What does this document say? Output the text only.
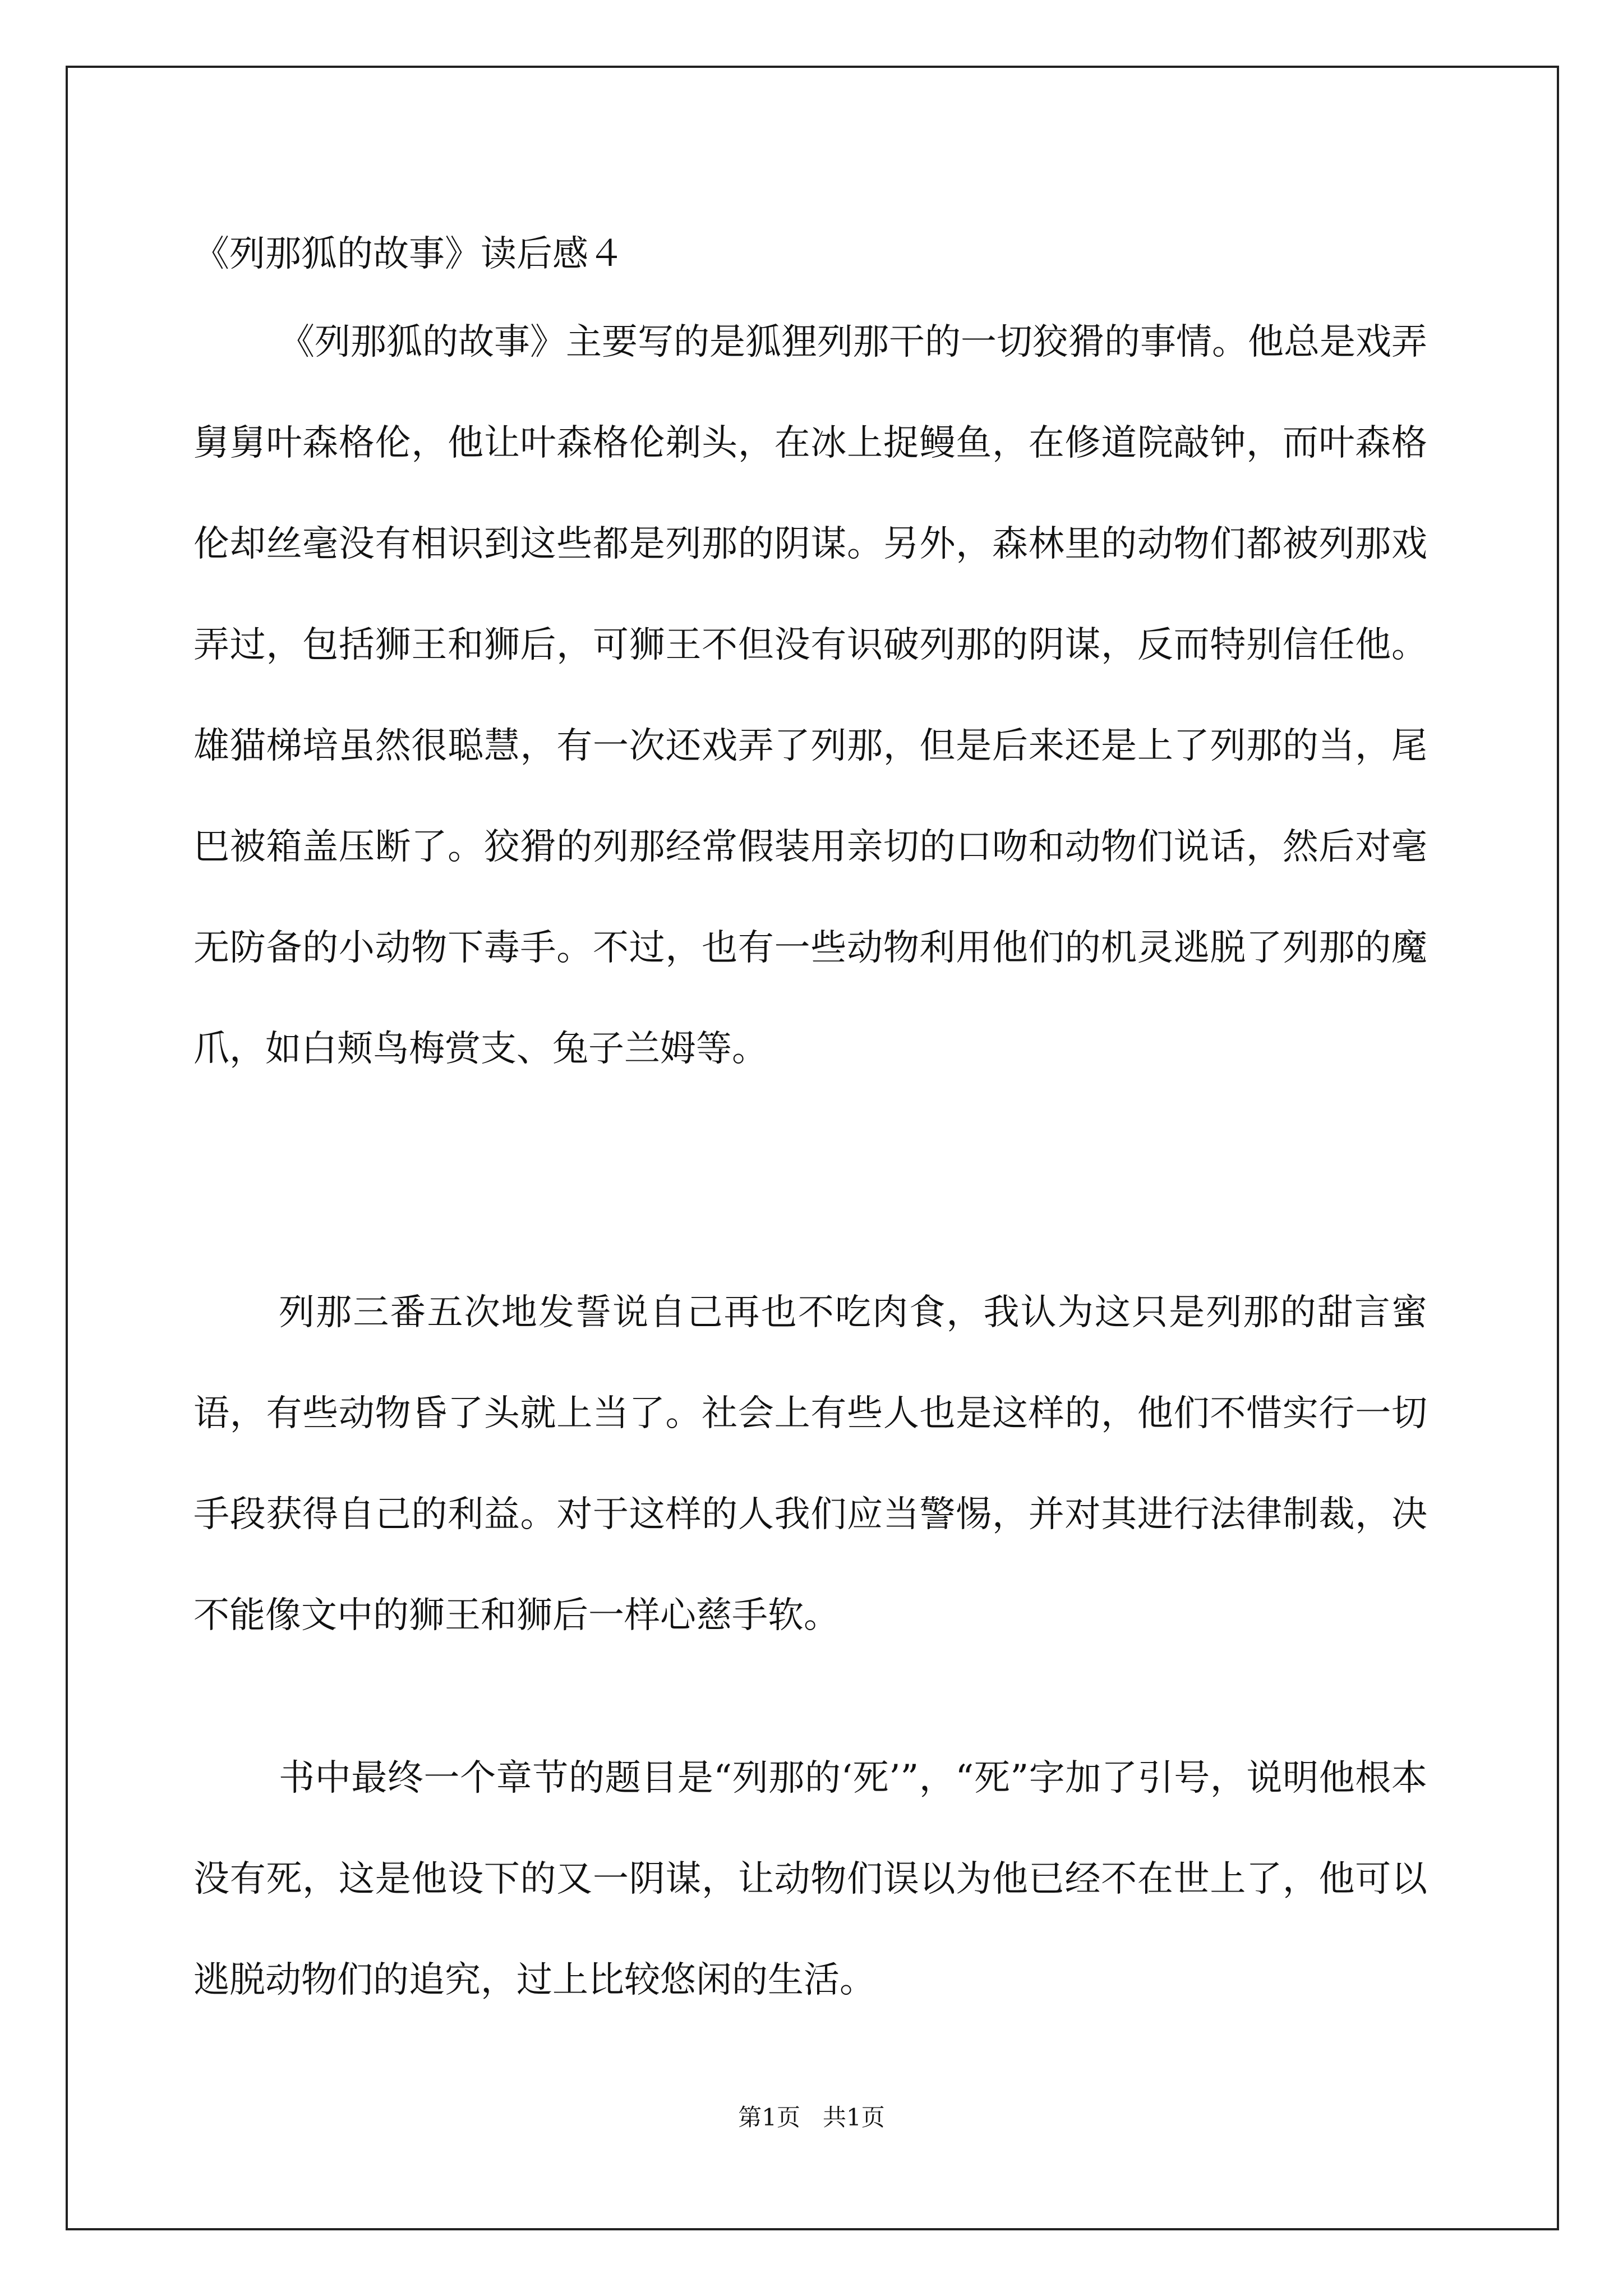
《列那狐的故事》读后感４

《列那狐的故事》主要写的是狐狸列那干的一切狡猾的事情。他总是戏弄舅舅叶森格伦，他让叶森格伦剃头，在冰上捉鳗鱼，在修道院敲钟，而叶森格伦却丝毫没有相识到这些都是列那的阴谋。另外，森林里的动物们都被列那戏弄过，包括狮王和狮后，可狮王不但没有识破列那的阴谋，反而特别信任他。雄猫梯培虽然很聪慧，有一次还戏弄了列那，但是后来还是上了列那的当，尾巴被箱盖压断了。狡猾的列那经常假装用亲切的口吻和动物们说话，然后对毫无防备的小动物下毒手。不过，也有一些动物利用他们的机灵逃脱了列那的魔爪，如白颊鸟梅赏支、兔子兰姆等。

列那三番五次地发誓说自己再也不吃肉食，我认为这只是列那的甜言蜜语，有些动物昏了头就上当了。社会上有些人也是这样的，他们不惜实行一切手段获得自己的利益。对于这样的人我们应当警惕，并对其进行法律制裁，决不能像文中的狮王和狮后一样心慈手软。

书中最终一个章节的题目是“列那的‘死’”，“死”字加了引号，说明他根本没有死，这是他设下的又一阴谋，让动物们误以为他已经不在世上了，他可以逃脱动物们的追究，过上比较悠闲的生活。

第1页   共1页
